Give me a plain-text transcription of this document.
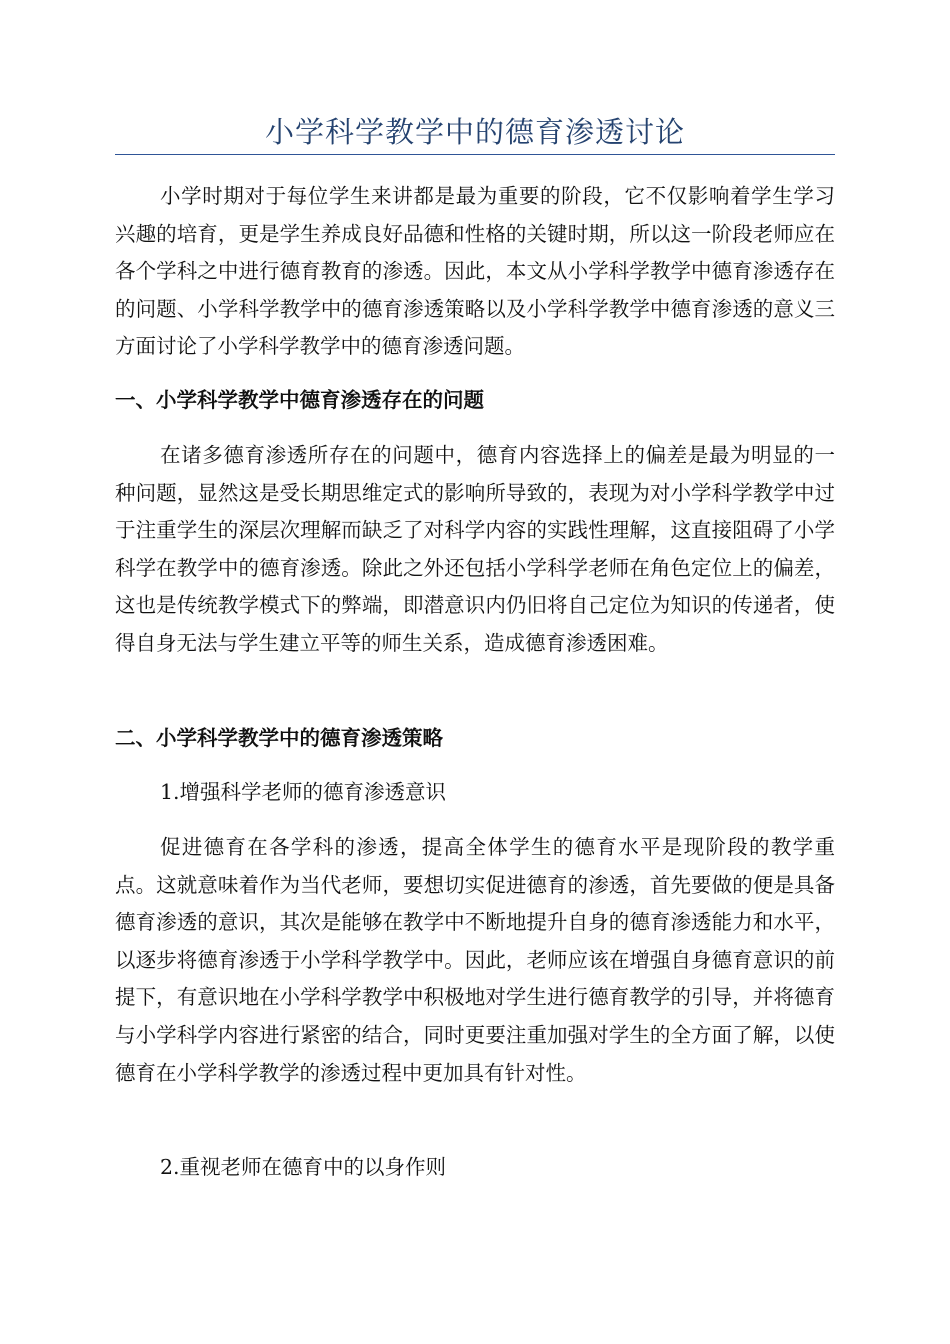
小学科学教学中的德育渗透讨论
小学时期对于每位学生来讲都是最为重要的阶段，它不仅影响着学生学习兴趣的培育，更是学生养成良好品德和性格的关键时期，所以这一阶段老师应在各个学科之中进行德育教育的渗透。因此，本文从小学科学教学中德育渗透存在的问题、小学科学教学中的德育渗透策略以及小学科学教学中德育渗透的意义三方面讨论了小学科学教学中的德育渗透问题。
一、小学科学教学中德育渗透存在的问题
在诸多德育渗透所存在的问题中，德育内容选择上的偏差是最为明显的一种问题，显然这是受长期思维定式的影响所导致的，表现为对小学科学教学中过于注重学生的深层次理解而缺乏了对科学内容的实践性理解，这直接阻碍了小学科学在教学中的德育渗透。除此之外还包括小学科学老师在角色定位上的偏差，这也是传统教学模式下的弊端，即潜意识内仍旧将自己定位为知识的传递者，使得自身无法与学生建立平等的师生关系，造成德育渗透困难。
二、小学科学教学中的德育渗透策略
1.增强科学老师的德育渗透意识
促进德育在各学科的渗透，提高全体学生的德育水平是现阶段的教学重点。这就意味着作为当代老师，要想切实促进德育的渗透，首先要做的便是具备德育渗透的意识，其次是能够在教学中不断地提升自身的德育渗透能力和水平，以逐步将德育渗透于小学科学教学中。因此，老师应该在增强自身德育意识的前提下，有意识地在小学科学教学中积极地对学生进行德育教学的引导，并将德育与小学科学内容进行紧密的结合，同时更要注重加强对学生的全方面了解，以使德育在小学科学教学的渗透过程中更加具有针对性。
2.重视老师在德育中的以身作则
